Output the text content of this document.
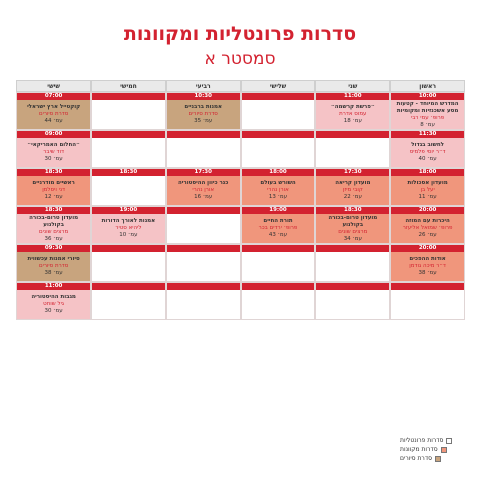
סדרות פרונטליות ומקוונות
סמסטר א
ראשון
שני
שלישי
רביעי
חמישי
שישי
10:00
המדרש המיוחד - קטעות מסע אשכנזיות ומקומיות
פרופ׳ עמי רבי
עמ׳ 8
11:00
״פרשת קרשמה״
עמוס אדרת
עמ׳ 18

10:30
אמנות ברבניים
סדרת סיורים
עמ׳ 35

07:00
קוקטייל ארץ ישראלי
סדרת סיורים
עמ׳ 44
11:30
לחשוב בגדול
ד״ר יוסי פלמיס
עמ׳ 40

09:00
״החלום האמריקאי״
דוד שיבר
עמ׳ 30
18:00
מועדון אסכולות
יעל בן
עמ׳ 11
17:30
מועדון קריאה
קובי מיזן
עמ׳ 22
18:00
השורש בעולם
אורן נהרי
עמ׳ 13
17:30
כנר כיוון ההיסטוריה
אורן נהרי
עמ׳ 16
18:30
18:30
ראשיים מודרניים
דני ויסלמן
עמ׳ 12
20:00
היכרות עם המוזה
פרופ׳ שמואל אליעזר
עמ׳ 26
18:30
מועדון טרום-בכורה בקולנוע
מרצים שונים
עמ׳ 34
19:00
תורת החיים
פרופ׳ ירדים בכר
עמ׳ 43

19:00
אמנות לאורך הדורות
ליהיא סטיר
עמ׳ 10
18:30
מועדון טרום-בכורה בקולנוע
מרצים שונים
עמ׳ 36
20:00
אודות ההפכים
ד״ר מיכה גודמן
עמ׳ 38

09:30
סיורי אמנות עכשווית
סדרת סיורים
עמ׳ 38

11:00
מגבות ההיסטוריה
גיל שוחט
עמ׳ 30
סדרות פרונטליות
סדרות מקוונות
סדרת סיורים
